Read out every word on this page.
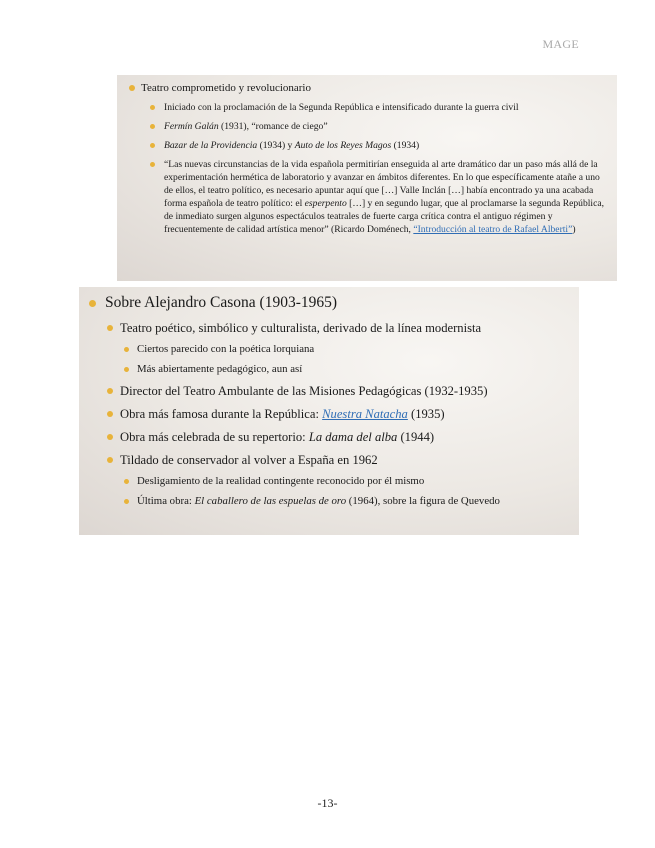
MAGE
Teatro comprometido y revolucionario
Iniciado con la proclamación de la Segunda República e intensificado durante la guerra civil
Fermín Galán (1931), “romance de ciego”
Bazar de la Providencia (1934) y Auto de los Reyes Magos (1934)
“Las nuevas circunstancias de la vida española permitirían enseguida al arte dramático dar un paso más allá de la experimentación hermética de laboratorio y avanzar en ámbitos diferentes. En lo que específicamente atañe a uno de ellos, el teatro político, es necesario apuntar aquí que […] Valle Inclán […] había encontrado ya una acabada forma española de teatro político: el esperpento […] y en segundo lugar, que al proclamarse la segunda República, de inmediato surgen algunos espectáculos teatrales de fuerte carga crítica contra el antiguo régimen y frecuentemente de calidad artística menor” (Ricardo Doménech, “Introducción al teatro de Rafael Alberti”)
Sobre Alejandro Casona (1903-1965)
Teatro poético, simbólico y culturalista, derivado de la línea modernista
Ciertos parecido con la poética lorquiana
Más abiertamente pedagógico, aun así
Director del Teatro Ambulante de las Misiones Pedagógicas (1932-1935)
Obra más famosa durante la República: Nuestra Natacha (1935)
Obra más celebrada de su repertorio: La dama del alba (1944)
Tildado de conservador al volver a España en 1962
Desligamiento de la realidad contingente reconocido por él mismo
Última obra: El caballero de las espuelas de oro (1964), sobre la figura de Quevedo
-13-
